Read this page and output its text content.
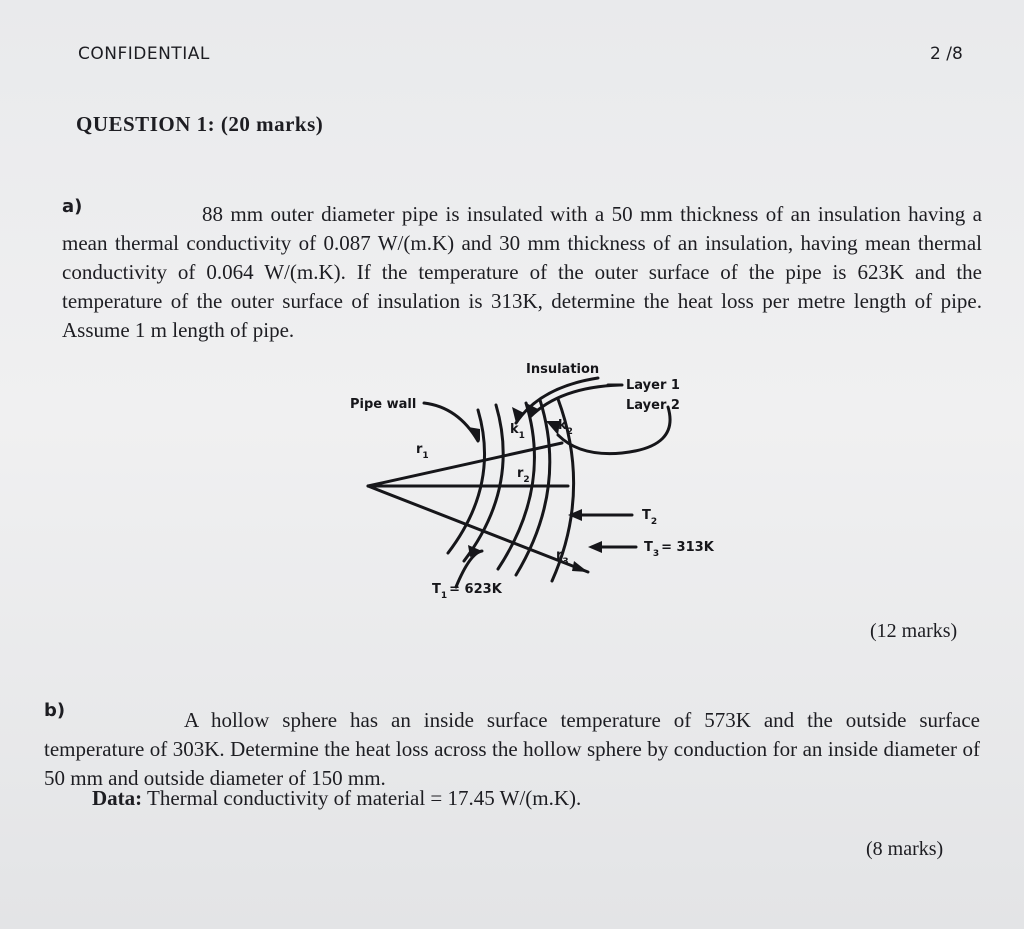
CONFIDENTIAL	2 /8
QUESTION 1: (20 marks)
a)	88 mm outer diameter pipe is insulated with a 50 mm thickness of an insulation having a mean thermal conductivity of 0.087 W/(m.K) and 30 mm thickness of an insulation, having mean thermal conductivity of 0.064 W/(m.K). If the temperature of the outer surface of the pipe is 623K and the temperature of the outer surface of insulation is 313K, determine the heat loss per metre length of pipe. Assume 1 m length of pipe.
Insulation
Layer 1
Layer 2
Pipe wall
$r_1$
$r_2$
$r_3$
$k_1$
$k_2$
$T_2$
$T_3 = 313K$
$T_1 = 623K$
(12 marks)
b)	A hollow sphere has an inside surface temperature of 573K and the outside surface temperature of 303K. Determine the heat loss across the hollow sphere by conduction for an inside diameter of 50 mm and outside diameter of 150 mm.
Data: Thermal conductivity of material = 17.45 W/(m.K).
(8 marks)
